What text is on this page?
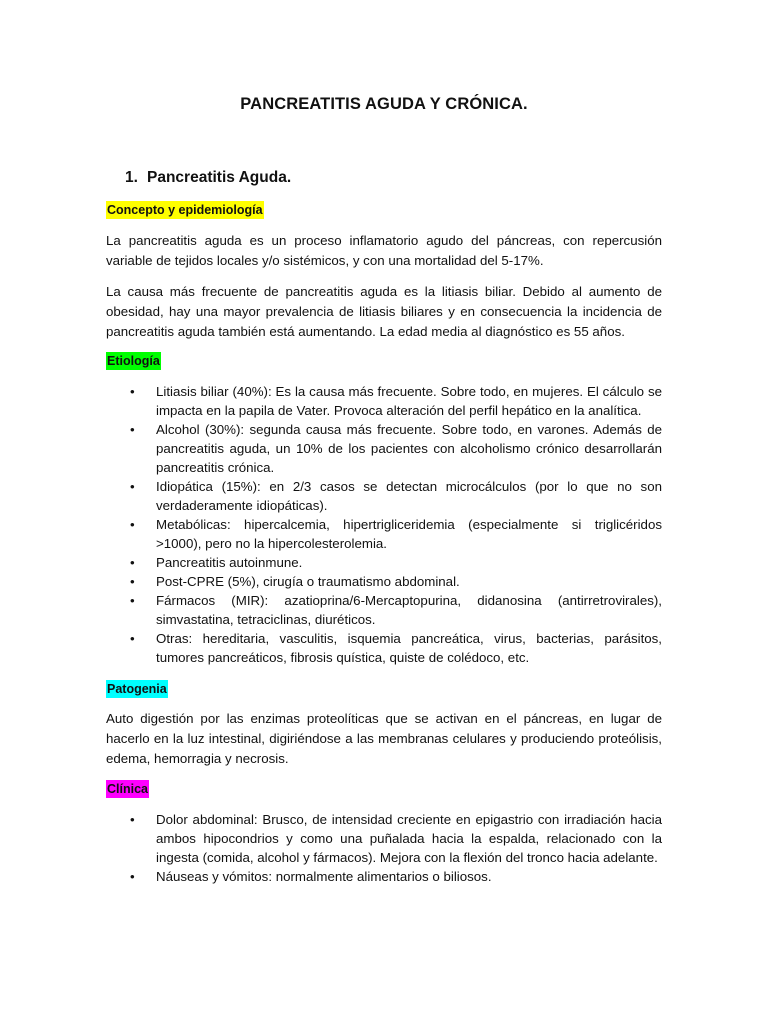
PANCREATITIS AGUDA Y CRÓNICA.
1. Pancreatitis Aguda.
Concepto y epidemiología
La pancreatitis aguda es un proceso inflamatorio agudo del páncreas, con repercusión variable de tejidos locales y/o sistémicos, y con una mortalidad del 5-17%.
La causa más frecuente de pancreatitis aguda es la litiasis biliar. Debido al aumento de obesidad, hay una mayor prevalencia de litiasis biliares y en consecuencia la incidencia de pancreatitis aguda también está aumentando. La edad media al diagnóstico es 55 años.
Etiología
• Litiasis biliar (40%): Es la causa más frecuente. Sobre todo, en mujeres. El cálculo se impacta en la papila de Vater. Provoca alteración del perfil hepático en la analítica.
• Alcohol (30%): segunda causa más frecuente. Sobre todo, en varones. Además de pancreatitis aguda, un 10% de los pacientes con alcoholismo crónico desarrollarán pancreatitis crónica.
• Idiopática (15%): en 2/3 casos se detectan microcálculos (por lo que no son verdaderamente idiopáticas).
• Metabólicas: hipercalcemia, hipertrigliceridemia (especialmente si triglicéridos >1000), pero no la hipercolesterolemia.
• Pancreatitis autoinmune.
• Post-CPRE (5%), cirugía o traumatismo abdominal.
• Fármacos (MIR): azatioprina/6-Mercaptopurina, didanosina (antirretrovirales), simvastatina, tetraciclinas, diuréticos.
• Otras: hereditaria, vasculitis, isquemia pancreática, virus, bacterias, parásitos, tumores pancreáticos, fibrosis quística, quiste de colédoco, etc.
Patogenia
Auto digestión por las enzimas proteolíticas que se activan en el páncreas, en lugar de hacerlo en la luz intestinal, digiriéndose a las membranas celulares y produciendo proteólisis, edema, hemorragia y necrosis.
Clínica
• Dolor abdominal: Brusco, de intensidad creciente en epigastrio con irradiación hacia ambos hipocondrios y como una puñalada hacia la espalda, relacionado con la ingesta (comida, alcohol y fármacos). Mejora con la flexión del tronco hacia adelante.
• Náuseas y vómitos: normalmente alimentarios o biliosos.
